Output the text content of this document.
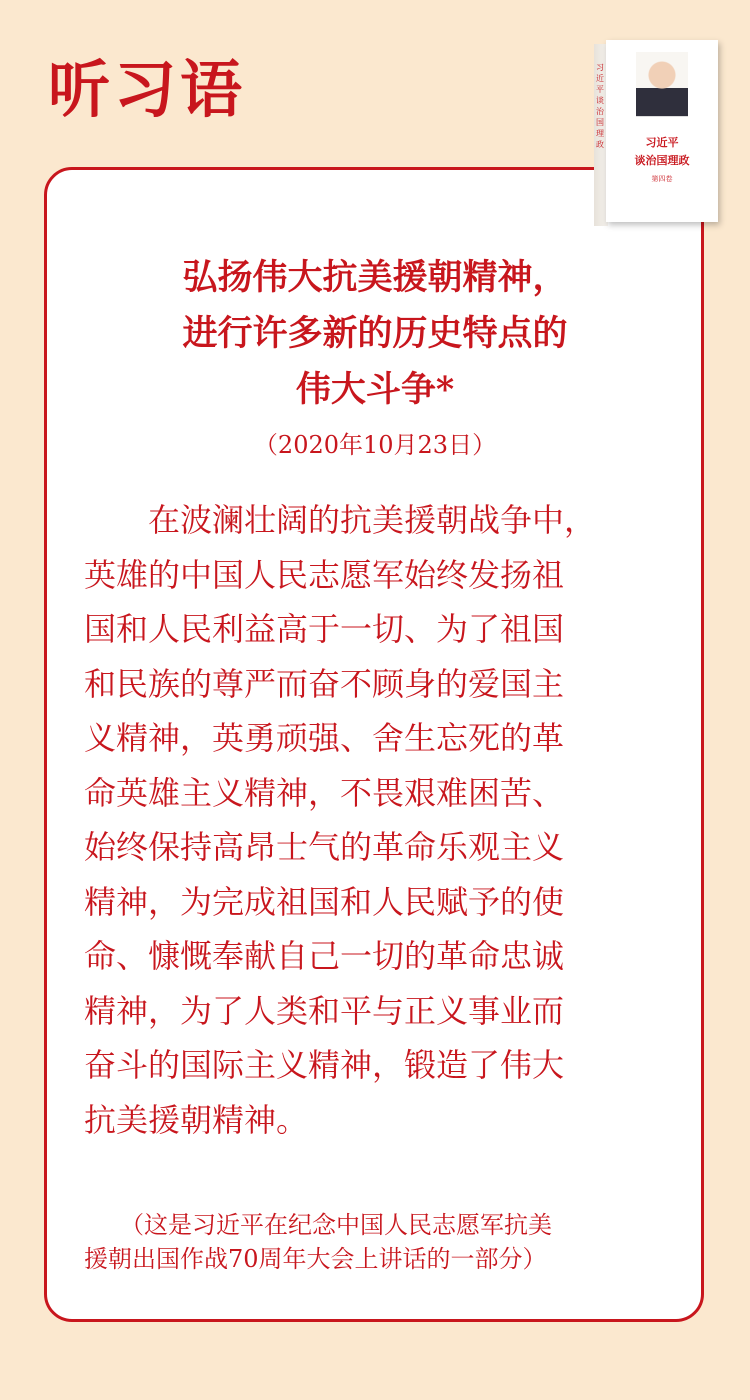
听习语	习近平谈治国理政	习近平
谈治国理政
第四卷
弘扬伟大抗美援朝精神，
进行许多新的历史特点的
伟大斗争*
（2020年10月23日）
　　在波澜壮阔的抗美援朝战争中，
英雄的中国人民志愿军始终发扬祖
国和人民利益高于一切、为了祖国
和民族的尊严而奋不顾身的爱国主
义精神，英勇顽强、舍生忘死的革
命英雄主义精神，不畏艰难困苦、
始终保持高昂士气的革命乐观主义
精神，为完成祖国和人民赋予的使
命、慷慨奉献自己一切的革命忠诚
精神，为了人类和平与正义事业而
奋斗的国际主义精神，锻造了伟大
抗美援朝精神。
　　（这是习近平在纪念中国人民志愿军抗美
援朝出国作战70周年大会上讲话的一部分）
